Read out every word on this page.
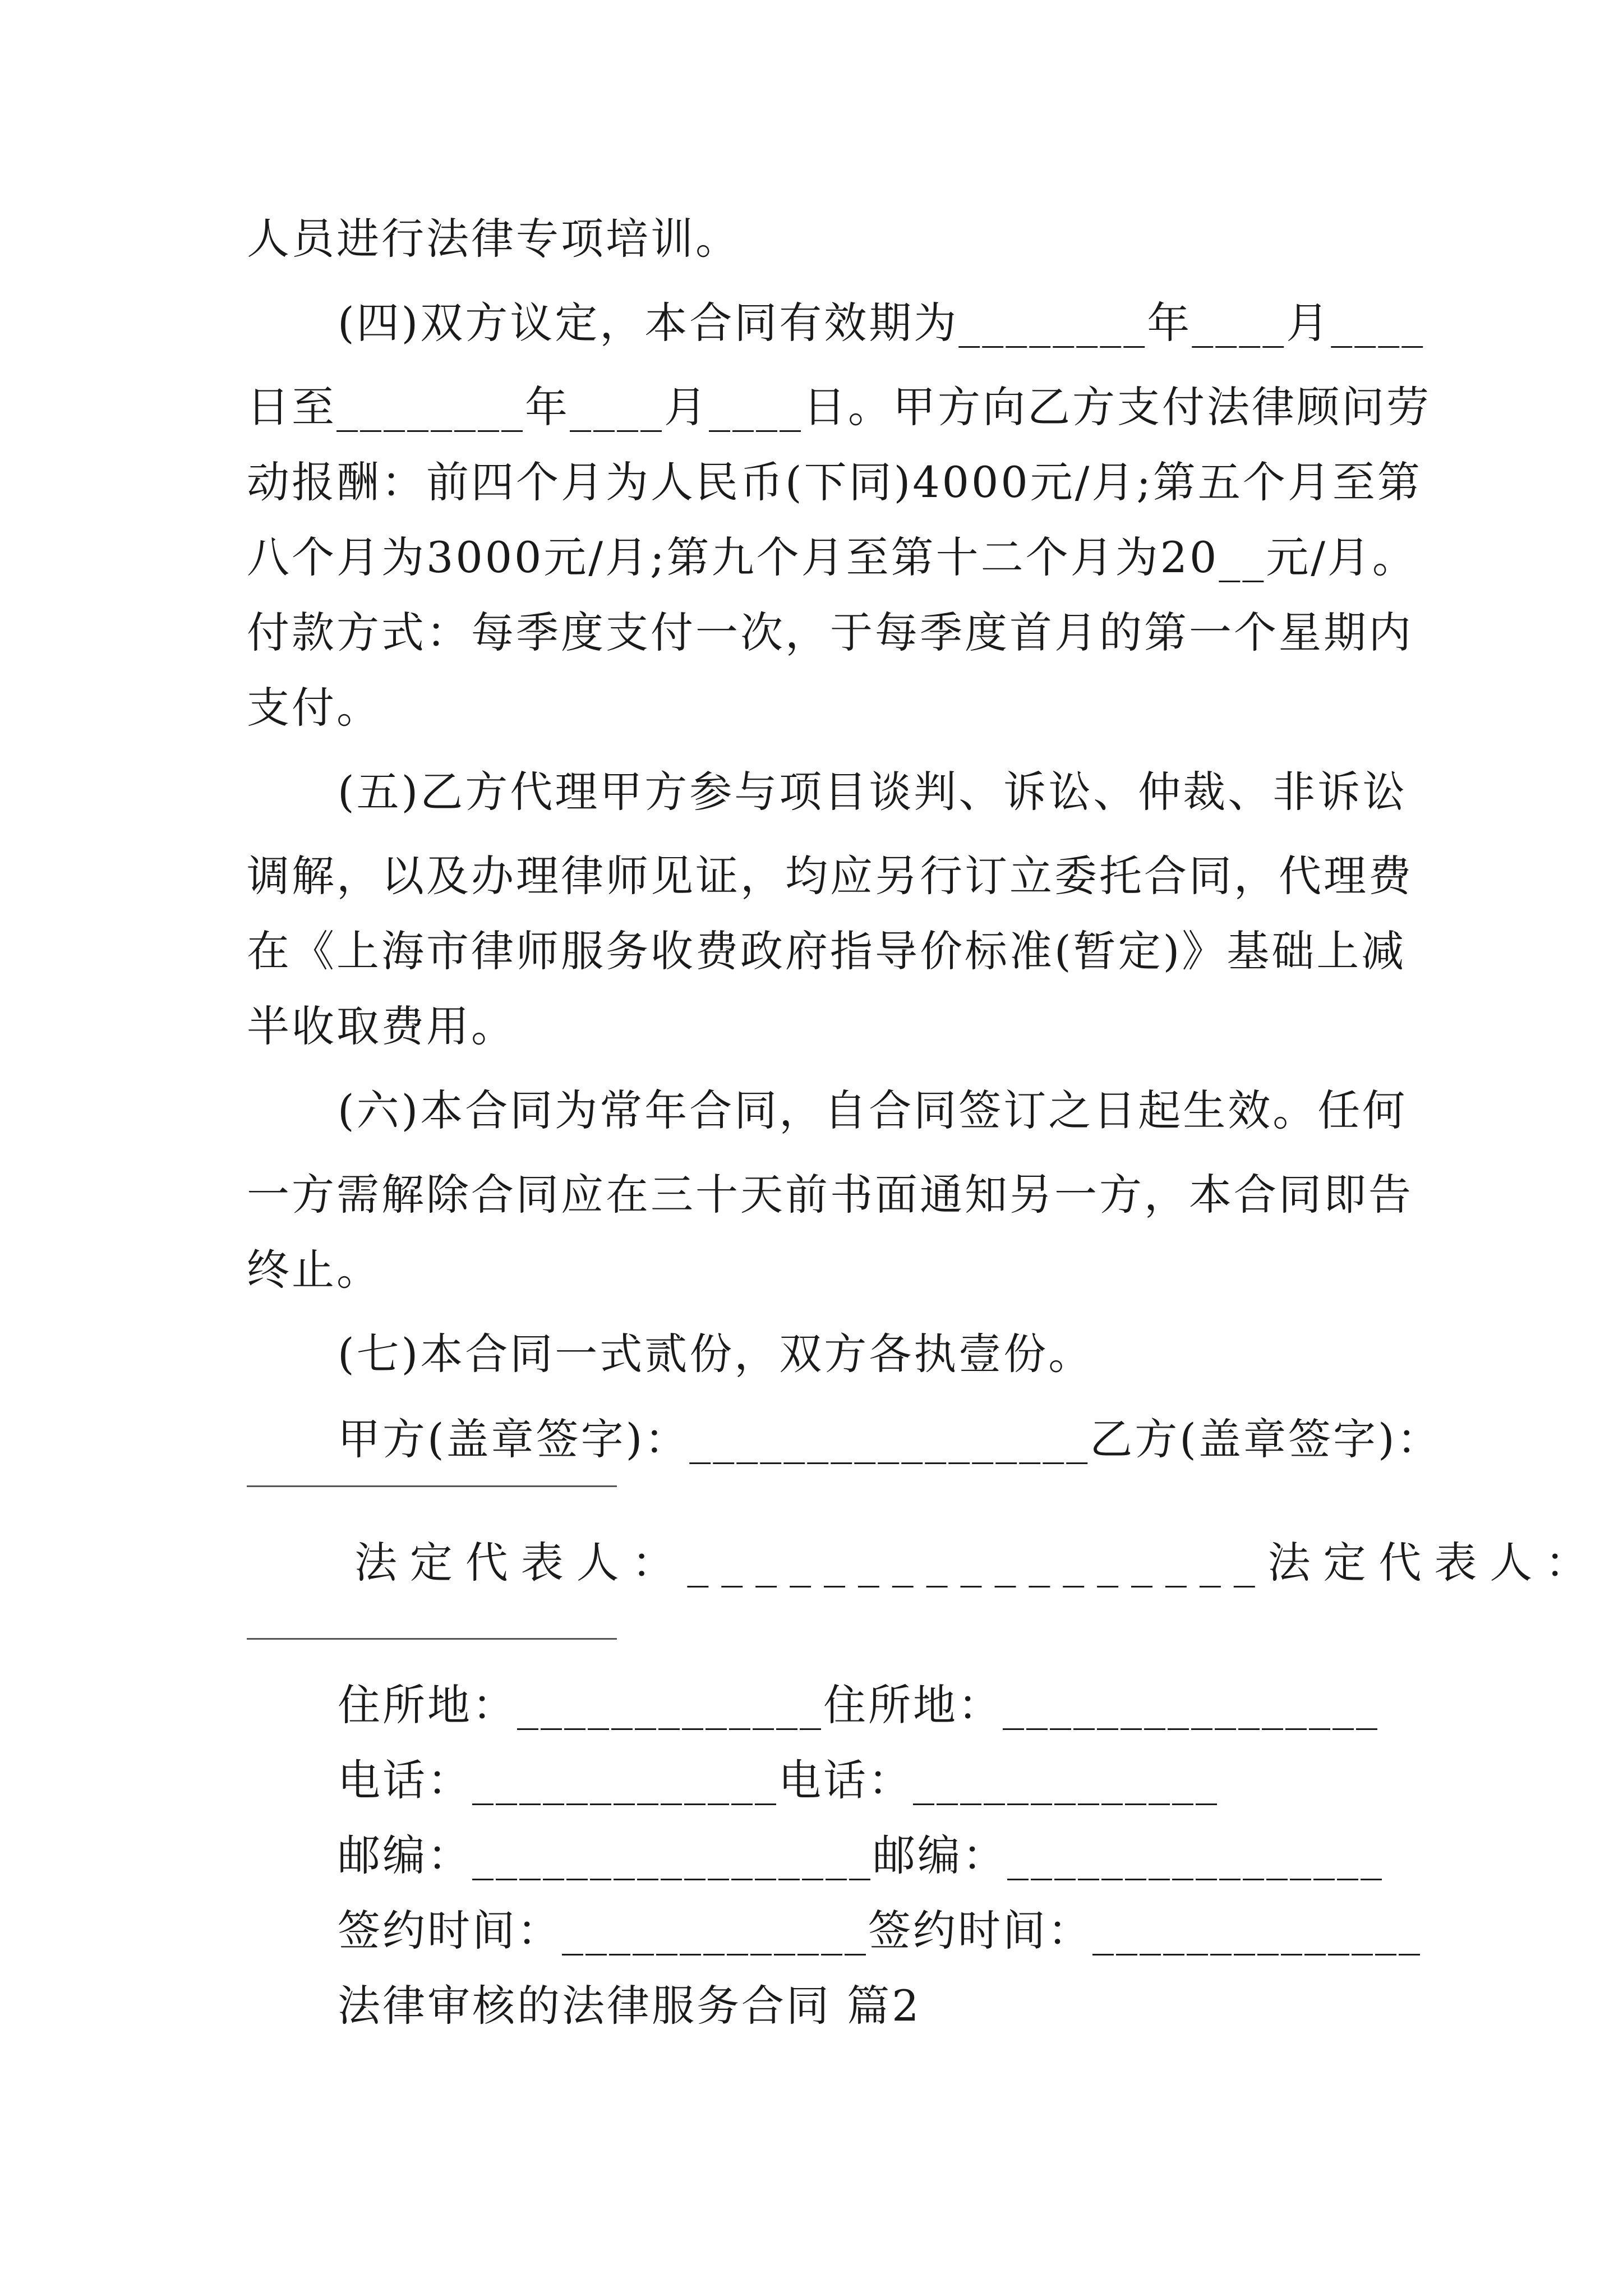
人员进行法律专项培训。
(四)双方议定，本合同有效期为________年____月____
日至________年____月____日。甲方向乙方支付法律顾问劳
动报酬：前四个月为人民币(下同)4000元/月;第五个月至第
八个月为3000元/月;第九个月至第十二个月为20__元/月。
付款方式：每季度支付一次，于每季度首月的第一个星期内
支付。
(五)乙方代理甲方参与项目谈判、诉讼、仲裁、非诉讼
调解，以及办理律师见证，均应另行订立委托合同，代理费
在《上海市律师服务收费政府指导价标准(暂定)》基础上减
半收取费用。
(六)本合同为常年合同，自合同签订之日起生效。任何
一方需解除合同应在三十天前书面通知另一方，本合同即告
终止。
(七)本合同一式贰份，双方各执壹份。
甲方(盖章签字)：_________________乙方(盖章签字)：
法定代表人：_________________法定代表人：
住所地：_____________住所地：________________
电话：_____________电话：_____________
邮编：_________________邮编：________________
签约时间：_____________签约时间：______________
法律审核的法律服务合同 篇2
